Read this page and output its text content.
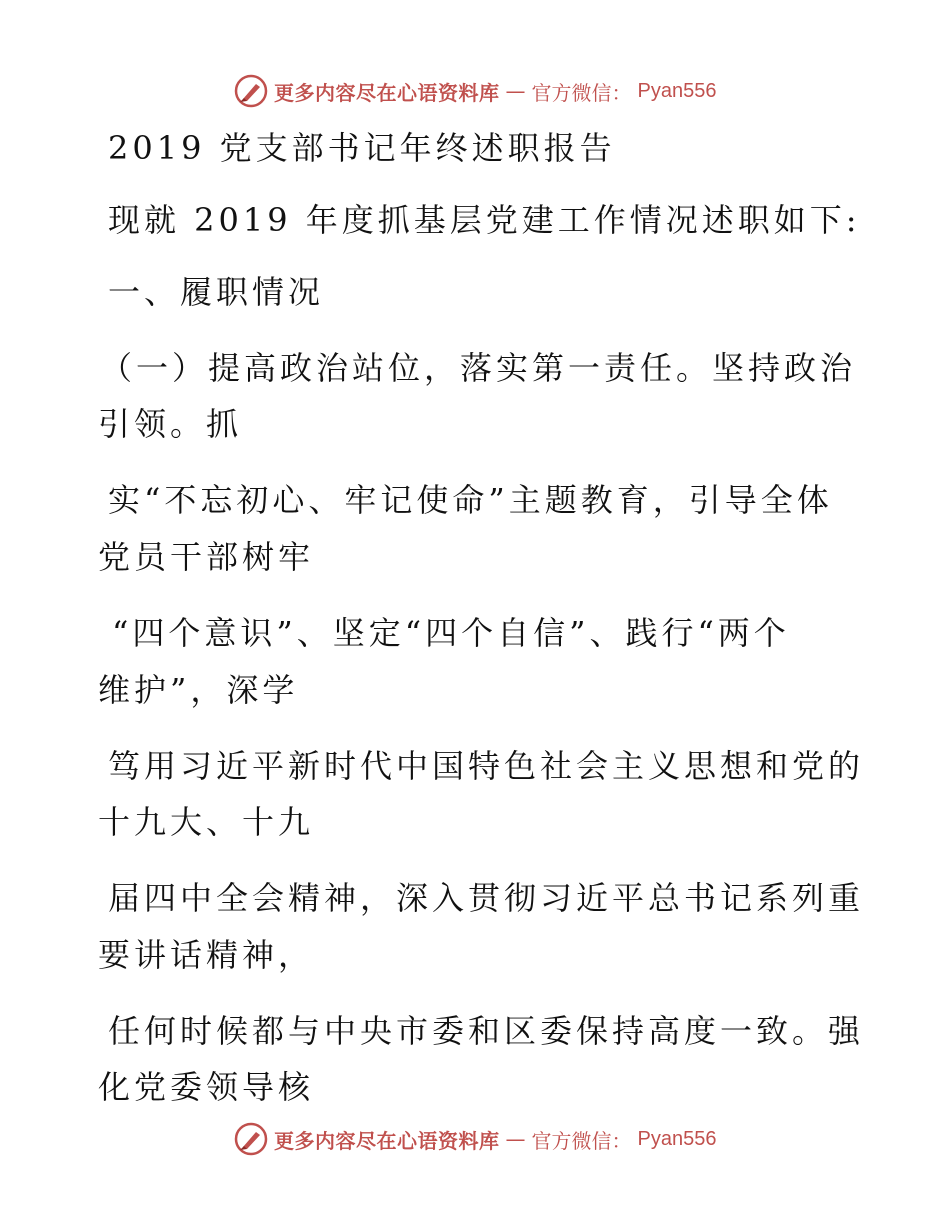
更多内容尽在心语资料库 — 官方微信： Pyan556

2019 党支部书记年终述职报告

现就 2019 年度抓基层党建工作情况述职如下:

一、履职情况

（一）提高政治站位，落实第一责任。坚持政治

引领。抓

实“不忘初心、牢记使命”主题教育，引导全体

党员干部树牢

“四个意识”、坚定“四个自信”、践行“两个

维护”，深学

笃用习近平新时代中国特色社会主义思想和党的

十九大、十九

届四中全会精神，深入贯彻习近平总书记系列重

要讲话精神，

任何时候都与中央市委和区委保持高度一致。强

化党委领导核

更多内容尽在心语资料库 — 官方微信： Pyan556
